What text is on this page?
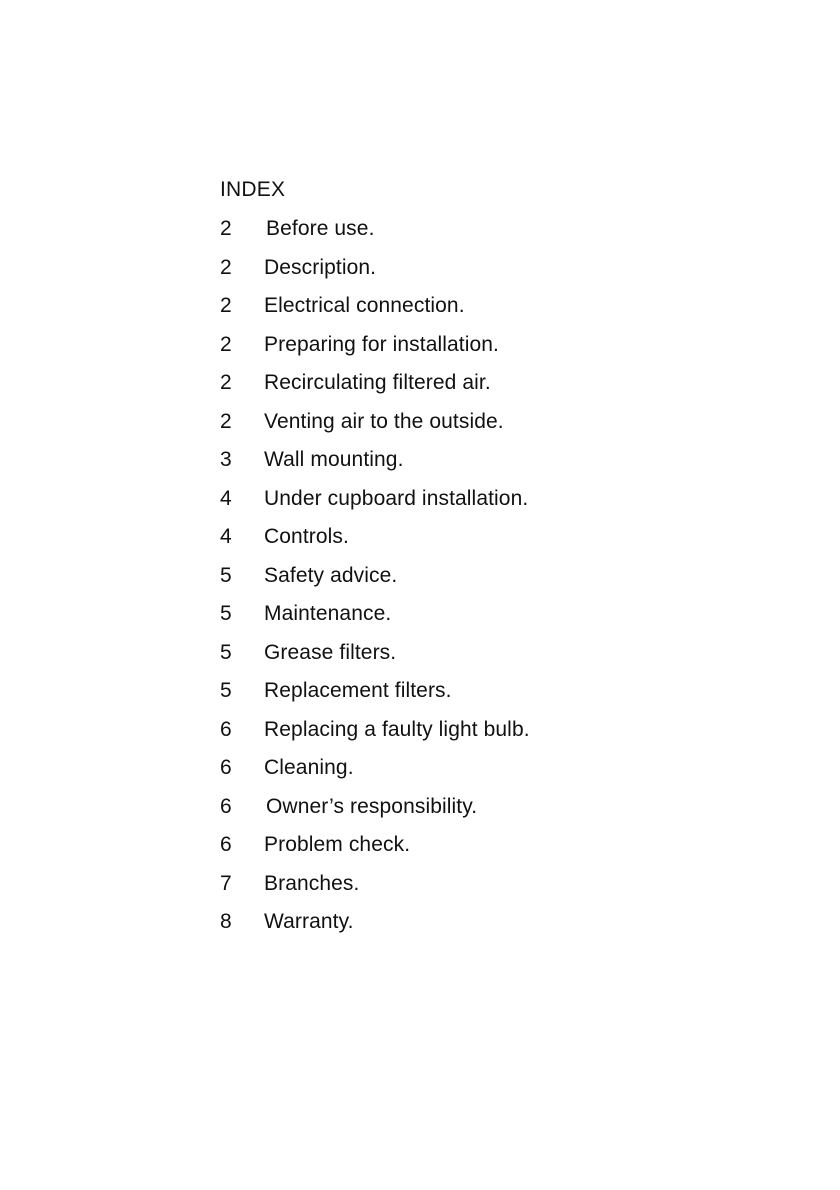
INDEX
2	Before use.
2	Description.
2	Electrical connection.
2	Preparing for installation.
2	Recirculating filtered air.
2	Venting air to the outside.
3	Wall mounting.
4	Under cupboard installation.
4	Controls.
5	Safety advice.
5	Maintenance.
5	Grease filters.
5	Replacement filters.
6	Replacing a faulty light bulb.
6	Cleaning.
6	Owner’s responsibility.
6	Problem check.
7	Branches.
8	Warranty.
